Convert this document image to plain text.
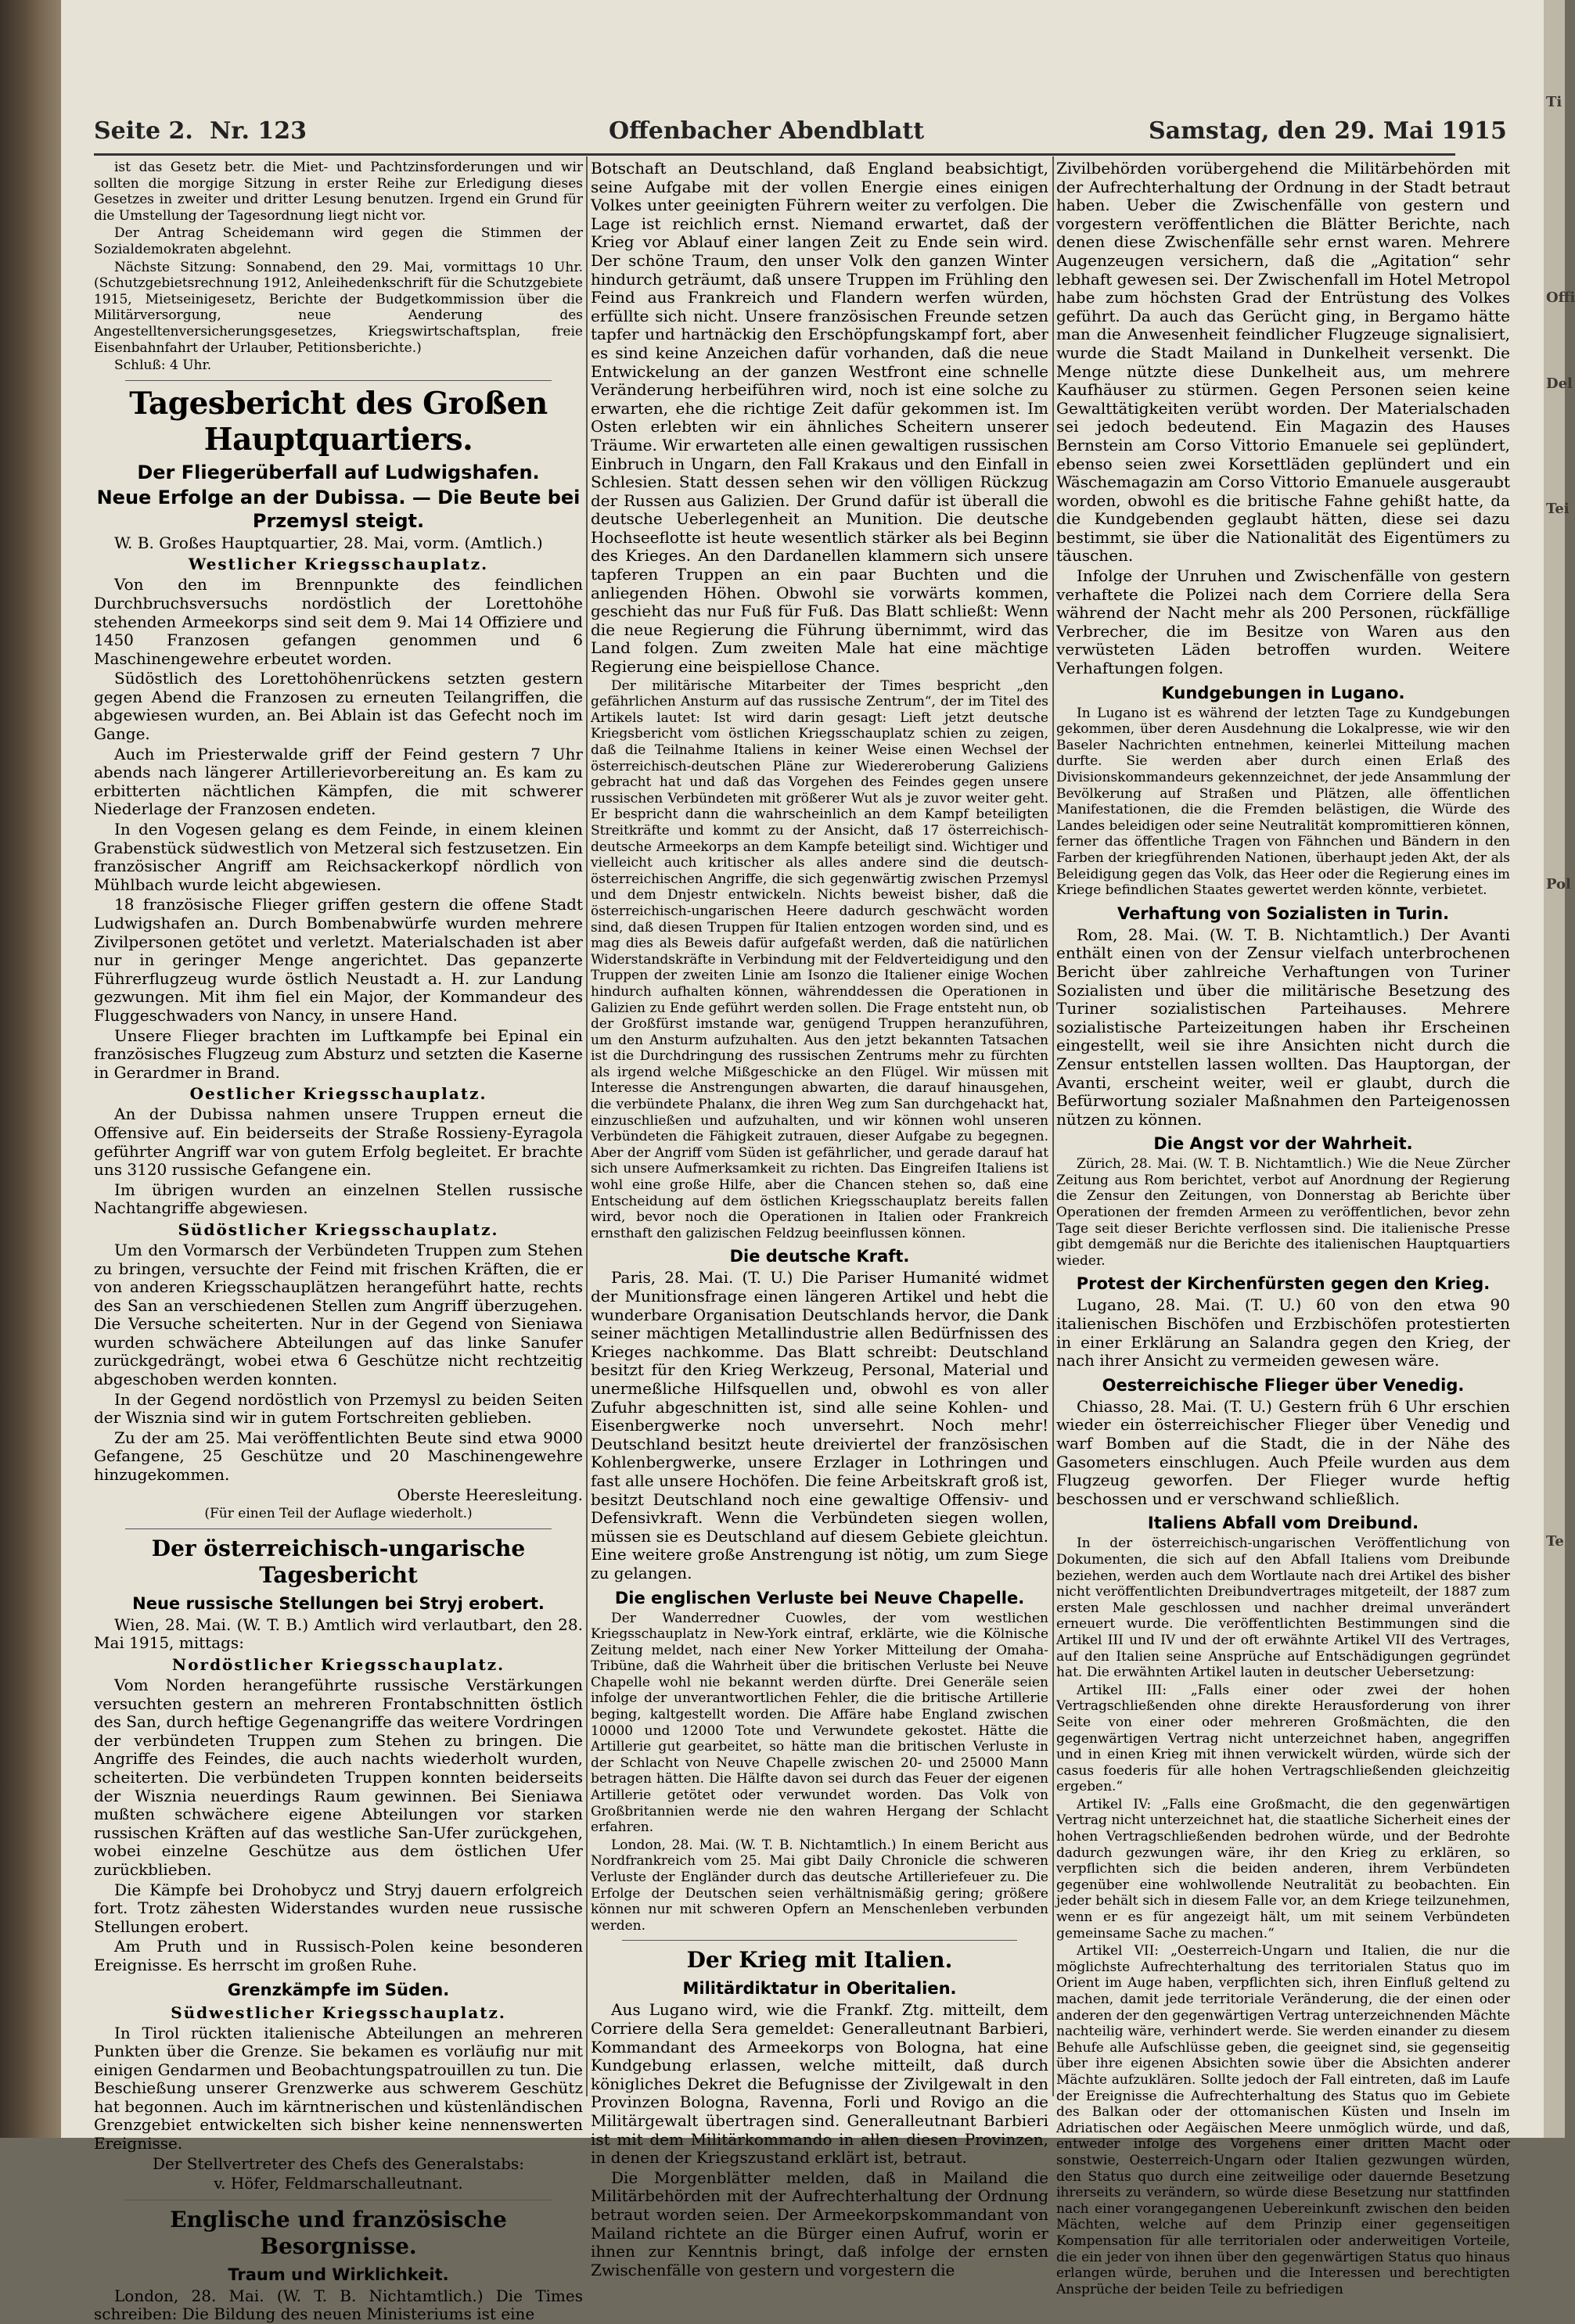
Seite 2. Nr. 123	Offenbacher Abendblatt	Samstag, den 29. Mai 1915

ist das Gesetz betr. die Miet- und Pachtzinsforderungen und wir sollten die morgige Sitzung in erster Reihe zur Erledigung dieses Gesetzes in zweiter und dritter Lesung benutzen. Irgend ein Grund für die Umstellung der Tagesordnung liegt nicht vor.

Der Antrag Scheidemann wird gegen die Stimmen der Sozialdemokraten abgelehnt.

Nächste Sitzung: Sonnabend, den 29. Mai, vormittags 10 Uhr. (Schutzgebietsrechnung 1912, Anleihedenkschrift für die Schutzgebiete 1915, Mietseinigesetz, Berichte der Budgetkommission über die Militärversorgung, neue Aenderung des Angestelltenversicherungsgesetzes, Kriegswirtschaftsplan, freie Eisenbahnfahrt der Urlauber, Petitionsberichte.)

Schluß: 4 Uhr.

Tagesbericht des Großen Hauptquartiers.
Der Fliegerüberfall auf Ludwigshafen.
Neue Erfolge an der Dubissa. — Die Beute bei Przemysl steigt.

W. B. Großes Hauptquartier, 28. Mai, vorm. (Amtlich.)

Westlicher Kriegsschauplatz.

Von den im Brennpunkte des feindlichen Durchbruchsversuchs nordöstlich der Lorettohöhe stehenden Armeekorps sind seit dem 9. Mai 14 Offiziere und 1450 Franzosen gefangen genommen und 6 Maschinengewehre erbeutet worden.

Südöstlich des Lorettohöhenrückens setzten gestern gegen Abend die Franzosen zu erneuten Teilangriffen, die abgewiesen wurden, an. Bei Ablain ist das Gefecht noch im Gange.

Auch im Priesterwalde griff der Feind gestern 7 Uhr abends nach längerer Artillerievorbereitung an. Es kam zu erbitterten nächtlichen Kämpfen, die mit schwerer Niederlage der Franzosen endeten.

In den Vogesen gelang es dem Feinde, in einem kleinen Grabenstück südwestlich von Metzeral sich festzusetzen. Ein französischer Angriff am Reichsackerkopf nördlich von Mühlbach wurde leicht abgewiesen.

18 französische Flieger griffen gestern die offene Stadt Ludwigshafen an. Durch Bombenabwürfe wurden mehrere Zivilpersonen getötet und verletzt. Materialschaden ist aber nur in geringer Menge angerichtet. Das gepanzerte Führerflugzeug wurde östlich Neustadt a. H. zur Landung gezwungen. Mit ihm fiel ein Major, der Kommandeur des Fluggeschwaders von Nancy, in unsere Hand.

Unsere Flieger brachten im Luftkampfe bei Epinal ein französisches Flugzeug zum Absturz und setzten die Kaserne in Gerardmer in Brand.

Oestlicher Kriegsschauplatz.

An der Dubissa nahmen unsere Truppen erneut die Offensive auf. Ein beiderseits der Straße Rossieny-Eyragola geführter Angriff war von gutem Erfolg begleitet. Er brachte uns 3120 russische Gefangene ein.

Im übrigen wurden an einzelnen Stellen russische Nachtangriffe abgewiesen.

Südöstlicher Kriegsschauplatz.

Um den Vormarsch der Verbündeten Truppen zum Stehen zu bringen, versuchte der Feind mit frischen Kräften, die er von anderen Kriegsschauplätzen herangeführt hatte, rechts des San an verschiedenen Stellen zum Angriff überzugehen. Die Versuche scheiterten. Nur in der Gegend von Sieniawa wurden schwächere Abteilungen auf das linke Sanufer zurückgedrängt, wobei etwa 6 Geschütze nicht rechtzeitig abgeschoben werden konnten.

In der Gegend nordöstlich von Przemysl zu beiden Seiten der Wisznia sind wir in gutem Fortschreiten geblieben.

Zu der am 25. Mai veröffentlichten Beute sind etwa 9000 Gefangene, 25 Geschütze und 20 Maschinengewehre hinzugekommen.

Oberste Heeresleitung.

(Für einen Teil der Auflage wiederholt.)

Der österreichisch-ungarische Tagesbericht
Neue russische Stellungen bei Stryj erobert.

Wien, 28. Mai. (W. T. B.) Amtlich wird verlautbart, den 28. Mai 1915, mittags:

Nordöstlicher Kriegsschauplatz.

Vom Norden herangeführte russische Verstärkungen versuchten gestern an mehreren Frontabschnitten östlich des San, durch heftige Gegenangriffe das weitere Vordringen der verbündeten Truppen zum Stehen zu bringen. Die Angriffe des Feindes, die auch nachts wiederholt wurden, scheiterten. Die verbündeten Truppen konnten beiderseits der Wisznia neuerdings Raum gewinnen. Bei Sieniawa mußten schwächere eigene Abteilungen vor starken russischen Kräften auf das westliche San-Ufer zurückgehen, wobei einzelne Geschütze aus dem östlichen Ufer zurückblieben.

Die Kämpfe bei Drohobycz und Stryj dauern erfolgreich fort. Trotz zähesten Widerstandes wurden neue russische Stellungen erobert.

Am Pruth und in Russisch-Polen keine besonderen Ereignisse. Es herrscht im großen Ruhe.

Grenzkämpfe im Süden.
Südwestlicher Kriegsschauplatz.

In Tirol rückten italienische Abteilungen an mehreren Punkten über die Grenze. Sie bekamen es vorläufig nur mit einigen Gendarmen und Beobachtungspatrouillen zu tun. Die Beschießung unserer Grenzwerke aus schwerem Geschütz hat begonnen. Auch im kärntnerischen und küstenländischen Grenzgebiet entwickelten sich bisher keine nennenswerten Ereignisse.

Der Stellvertreter des Chefs des Generalstabs:

v. Höfer, Feldmarschalleutnant.

Englische und französische Besorgnisse.
Traum und Wirklichkeit.

London, 28. Mai. (W. T. B. Nichtamtlich.) Die Times schreiben: Die Bildung des neuen Ministeriums ist eine

Botschaft an Deutschland, daß England beabsichtigt, seine Aufgabe mit der vollen Energie eines einigen Volkes unter geeinigten Führern weiter zu verfolgen. Die Lage ist reichlich ernst. Niemand erwartet, daß der Krieg vor Ablauf einer langen Zeit zu Ende sein wird. Der schöne Traum, den unser Volk den ganzen Winter hindurch geträumt, daß unsere Truppen im Frühling den Feind aus Frankreich und Flandern werfen würden, erfüllte sich nicht. Unsere französischen Freunde setzen tapfer und hartnäckig den Erschöpfungskampf fort, aber es sind keine Anzeichen dafür vorhanden, daß die neue Entwickelung an der ganzen Westfront eine schnelle Veränderung herbeiführen wird, noch ist eine solche zu erwarten, ehe die richtige Zeit dafür gekommen ist. Im Osten erlebten wir ein ähnliches Scheitern unserer Träume. Wir erwarteten alle einen gewaltigen russischen Einbruch in Ungarn, den Fall Krakaus und den Einfall in Schlesien. Statt dessen sehen wir den völligen Rückzug der Russen aus Galizien. Der Grund dafür ist überall die deutsche Ueberlegenheit an Munition. Die deutsche Hochseeflotte ist heute wesentlich stärker als bei Beginn des Krieges. An den Dardanellen klammern sich unsere tapferen Truppen an ein paar Buchten und die anliegenden Höhen. Obwohl sie vorwärts kommen, geschieht das nur Fuß für Fuß. Das Blatt schließt: Wenn die neue Regierung die Führung übernimmt, wird das Land folgen. Zum zweiten Male hat eine mächtige Regierung eine beispiellose Chance.

Der militärische Mitarbeiter der Times bespricht „den gefährlichen Ansturm auf das russische Zentrum“, der im Titel des Artikels lautet: Ist wird darin gesagt: Lieft jetzt deutsche Kriegsbericht vom östlichen Kriegsschauplatz schien zu zeigen, daß die Teilnahme Italiens in keiner Weise einen Wechsel der österreichisch-deutschen Pläne zur Wiedereroberung Galiziens gebracht hat und daß das Vorgehen des Feindes gegen unsere russischen Verbündeten mit größerer Wut als je zuvor weiter geht. Er bespricht dann die wahrscheinlich an dem Kampf beteiligten Streitkräfte und kommt zu der Ansicht, daß 17 österreichisch-deutsche Armeekorps an dem Kampfe beteiligt sind. Wichtiger und vielleicht auch kritischer als alles andere sind die deutsch-österreichischen Angriffe, die sich gegenwärtig zwischen Przemysl und dem Dnjestr entwickeln. Nichts beweist bisher, daß die österreichisch-ungarischen Heere dadurch geschwächt worden sind, daß diesen Truppen für Italien entzogen worden sind, und es mag dies als Beweis dafür aufgefaßt werden, daß die natürlichen Widerstandskräfte in Verbindung mit der Feldverteidigung und den Truppen der zweiten Linie am Isonzo die Italiener einige Wochen hindurch aufhalten können, währenddessen die Operationen in Galizien zu Ende geführt werden sollen. Die Frage entsteht nun, ob der Großfürst imstande war, genügend Truppen heranzuführen, um den Ansturm aufzuhalten. Aus den jetzt bekannten Tatsachen ist die Durchdringung des russischen Zentrums mehr zu fürchten als irgend welche Mißgeschicke an den Flügel. Wir müssen mit Interesse die Anstrengungen abwarten, die darauf hinausgehen, die verbündete Phalanx, die ihren Weg zum San durchgehackt hat, einzuschließen und aufzuhalten, und wir können wohl unseren Verbündeten die Fähigkeit zutrauen, dieser Aufgabe zu begegnen. Aber der Angriff vom Süden ist gefährlicher, und gerade darauf hat sich unsere Aufmerksamkeit zu richten. Das Eingreifen Italiens ist wohl eine große Hilfe, aber die Chancen stehen so, daß eine Entscheidung auf dem östlichen Kriegsschauplatz bereits fallen wird, bevor noch die Operationen in Italien oder Frankreich ernsthaft den galizischen Feldzug beeinflussen können.

Die deutsche Kraft.

Paris, 28. Mai. (T. U.) Die Pariser Humanité widmet der Munitionsfrage einen längeren Artikel und hebt die wunderbare Organisation Deutschlands hervor, die Dank seiner mächtigen Metallindustrie allen Bedürfnissen des Krieges nachkomme. Das Blatt schreibt: Deutschland besitzt für den Krieg Werkzeug, Personal, Material und unermeßliche Hilfsquellen und, obwohl es von aller Zufuhr abgeschnitten ist, sind alle seine Kohlen- und Eisenbergwerke noch unversehrt. Noch mehr! Deutschland besitzt heute dreiviertel der französischen Kohlenbergwerke, unsere Erzlager in Lothringen und fast alle unsere Hochöfen. Die feine Arbeitskraft groß ist, besitzt Deutschland noch eine gewaltige Offensiv- und Defensivkraft. Wenn die Verbündeten siegen wollen, müssen sie es Deutschland auf diesem Gebiete gleichtun. Eine weitere große Anstrengung ist nötig, um zum Siege zu gelangen.

Die englischen Verluste bei Neuve Chapelle.

Der Wanderredner Cuowles, der vom westlichen Kriegsschauplatz in New-York eintraf, erklärte, wie die Kölnische Zeitung meldet, nach einer New Yorker Mitteilung der Omaha-Tribüne, daß die Wahrheit über die britischen Verluste bei Neuve Chapelle wohl nie bekannt werden dürfte. Drei Generäle seien infolge der unverantwortlichen Fehler, die die britische Artillerie beging, kaltgestellt worden. Die Affäre habe England zwischen 10000 und 12000 Tote und Verwundete gekostet. Hätte die Artillerie gut gearbeitet, so hätte man die britischen Verluste in der Schlacht von Neuve Chapelle zwischen 20- und 25000 Mann betragen hätten. Die Hälfte davon sei durch das Feuer der eigenen Artillerie getötet oder verwundet worden. Das Volk von Großbritannien werde nie den wahren Hergang der Schlacht erfahren.

London, 28. Mai. (W. T. B. Nichtamtlich.) In einem Bericht aus Nordfrankreich vom 25. Mai gibt Daily Chronicle die schweren Verluste der Engländer durch das deutsche Artilleriefeuer zu. Die Erfolge der Deutschen seien verhältnismäßig gering; größere können nur mit schweren Opfern an Menschenleben verbunden werden.

Der Krieg mit Italien.
Militärdiktatur in Oberitalien.

Aus Lugano wird, wie die Frankf. Ztg. mitteilt, dem Corriere della Sera gemeldet: Generalleutnant Barbieri, Kommandant des Armeekorps von Bologna, hat eine Kundgebung erlassen, welche mitteilt, daß durch königliches Dekret die Befugnisse der Zivilgewalt in den Provinzen Bologna, Ravenna, Forli und Rovigo an die Militärgewalt übertragen sind. Generalleutnant Barbieri ist mit dem Militärkommando in allen diesen Provinzen, in denen der Kriegszustand erklärt ist, betraut.

Die Morgenblätter melden, daß in Mailand die Militärbehörden mit der Aufrechterhaltung der Ordnung betraut worden seien. Der Armeekorpskommandant von Mailand richtete an die Bürger einen Aufruf, worin er ihnen zur Kenntnis bringt, daß infolge der ernsten Zwischenfälle von gestern und vorgestern die

Zivilbehörden vorübergehend die Militärbehörden mit der Aufrechterhaltung der Ordnung in der Stadt betraut haben. Ueber die Zwischenfälle von gestern und vorgestern veröffentlichen die Blätter Berichte, nach denen diese Zwischenfälle sehr ernst waren. Mehrere Augenzeugen versichern, daß die „Agitation“ sehr lebhaft gewesen sei. Der Zwischenfall im Hotel Metropol habe zum höchsten Grad der Entrüstung des Volkes geführt. Da auch das Gerücht ging, in Bergamo hätte man die Anwesenheit feindlicher Flugzeuge signalisiert, wurde die Stadt Mailand in Dunkelheit versenkt. Die Menge nützte diese Dunkelheit aus, um mehrere Kaufhäuser zu stürmen. Gegen Personen seien keine Gewalttätigkeiten verübt worden. Der Materialschaden sei jedoch bedeutend. Ein Magazin des Hauses Bernstein am Corso Vittorio Emanuele sei geplündert, ebenso seien zwei Korsettläden geplündert und ein Wäschemagazin am Corso Vittorio Emanuele ausgeraubt worden, obwohl es die britische Fahne gehißt hatte, da die Kundgebenden geglaubt hätten, diese sei dazu bestimmt, sie über die Nationalität des Eigentümers zu täuschen.

Infolge der Unruhen und Zwischenfälle von gestern verhaftete die Polizei nach dem Corriere della Sera während der Nacht mehr als 200 Personen, rückfällige Verbrecher, die im Besitze von Waren aus den verwüsteten Läden betroffen wurden. Weitere Verhaftungen folgen.

Kundgebungen in Lugano.

In Lugano ist es während der letzten Tage zu Kundgebungen gekommen, über deren Ausdehnung die Lokalpresse, wie wir den Baseler Nachrichten entnehmen, keinerlei Mitteilung machen durfte. Sie werden aber durch einen Erlaß des Divisionskommandeurs gekennzeichnet, der jede Ansammlung der Bevölkerung auf Straßen und Plätzen, alle öffentlichen Manifestationen, die die Fremden belästigen, die Würde des Landes beleidigen oder seine Neutralität kompromittieren können, ferner das öffentliche Tragen von Fähnchen und Bändern in den Farben der kriegführenden Nationen, überhaupt jeden Akt, der als Beleidigung gegen das Volk, das Heer oder die Regierung eines im Kriege befindlichen Staates gewertet werden könnte, verbietet.

Verhaftung von Sozialisten in Turin.

Rom, 28. Mai. (W. T. B. Nichtamtlich.) Der Avanti enthält einen von der Zensur vielfach unterbrochenen Bericht über zahlreiche Verhaftungen von Turiner Sozialisten und über die militärische Besetzung des Turiner sozialistischen Parteihauses. Mehrere sozialistische Parteizeitungen haben ihr Erscheinen eingestellt, weil sie ihre Ansichten nicht durch die Zensur entstellen lassen wollten. Das Hauptorgan, der Avanti, erscheint weiter, weil er glaubt, durch die Befürwortung sozialer Maßnahmen den Parteigenossen nützen zu können.

Die Angst vor der Wahrheit.

Zürich, 28. Mai. (W. T. B. Nichtamtlich.) Wie die Neue Zürcher Zeitung aus Rom berichtet, verbot auf Anordnung der Regierung die Zensur den Zeitungen, von Donnerstag ab Berichte über Operationen der fremden Armeen zu veröffentlichen, bevor zehn Tage seit dieser Berichte verflossen sind. Die italienische Presse gibt demgemäß nur die Berichte des italienischen Hauptquartiers wieder.

Protest der Kirchenfürsten gegen den Krieg.

Lugano, 28. Mai. (T. U.) 60 von den etwa 90 italienischen Bischöfen und Erzbischöfen protestierten in einer Erklärung an Salandra gegen den Krieg, der nach ihrer Ansicht zu vermeiden gewesen wäre.

Oesterreichische Flieger über Venedig.

Chiasso, 28. Mai. (T. U.) Gestern früh 6 Uhr erschien wieder ein österreichischer Flieger über Venedig und warf Bomben auf die Stadt, die in der Nähe des Gasometers einschlugen. Auch Pfeile wurden aus dem Flugzeug geworfen. Der Flieger wurde heftig beschossen und er verschwand schließlich.

Italiens Abfall vom Dreibund.

In der österreichisch-ungarischen Veröffentlichung von Dokumenten, die sich auf den Abfall Italiens vom Dreibunde beziehen, werden auch dem Wortlaute nach drei Artikel des bisher nicht veröffentlichten Dreibundvertrages mitgeteilt, der 1887 zum ersten Male geschlossen und nachher dreimal unverändert erneuert wurde. Die veröffentlichten Bestimmungen sind die Artikel III und IV und der oft erwähnte Artikel VII des Vertrages, auf den Italien seine Ansprüche auf Entschädigungen gegründet hat. Die erwähnten Artikel lauten in deutscher Uebersetzung:

Artikel III: „Falls einer oder zwei der hohen Vertragschließenden ohne direkte Herausforderung von ihrer Seite von einer oder mehreren Großmächten, die den gegenwärtigen Vertrag nicht unterzeichnet haben, angegriffen und in einen Krieg mit ihnen verwickelt würden, würde sich der casus foederis für alle hohen Vertragschließenden gleichzeitig ergeben.“

Artikel IV: „Falls eine Großmacht, die den gegenwärtigen Vertrag nicht unterzeichnet hat, die staatliche Sicherheit eines der hohen Vertragschließenden bedrohen würde, und der Bedrohte dadurch gezwungen wäre, ihr den Krieg zu erklären, so verpflichten sich die beiden anderen, ihrem Verbündeten gegenüber eine wohlwollende Neutralität zu beobachten. Ein jeder behält sich in diesem Falle vor, an dem Kriege teilzunehmen, wenn er es für angezeigt hält, um mit seinem Verbündeten gemeinsame Sache zu machen.“

Artikel VII: „Oesterreich-Ungarn und Italien, die nur die möglichste Aufrechterhaltung des territorialen Status quo im Orient im Auge haben, verpflichten sich, ihren Einfluß geltend zu machen, damit jede territoriale Veränderung, die der einen oder anderen der den gegenwärtigen Vertrag unterzeichnenden Mächte nachteilig wäre, verhindert werde. Sie werden einander zu diesem Behufe alle Aufschlüsse geben, die geeignet sind, sie gegenseitig über ihre eigenen Absichten sowie über die Absichten anderer Mächte aufzuklären. Sollte jedoch der Fall eintreten, daß im Laufe der Ereignisse die Aufrechterhaltung des Status quo im Gebiete des Balkan oder der ottomanischen Küsten und Inseln im Adriatischen oder Aegäischen Meere unmöglich würde, und daß, entweder infolge des Vorgehens einer dritten Macht oder sonstwie, Oesterreich-Ungarn oder Italien gezwungen würden, den Status quo durch eine zeitweilige oder dauernde Besetzung ihrerseits zu verändern, so würde diese Besetzung nur stattfinden nach einer vorangegangenen Uebereinkunft zwischen den beiden Mächten, welche auf dem Prinzip einer gegenseitigen Kompensation für alle territorialen oder anderweitigen Vorteile, die ein jeder von ihnen über den gegenwärtigen Status quo hinaus erlangen würde, beruhen und die Interessen und berechtigten Ansprüche der beiden Teile zu befriedigen

Ti
Offi
Del
Tei
Pol
Te
